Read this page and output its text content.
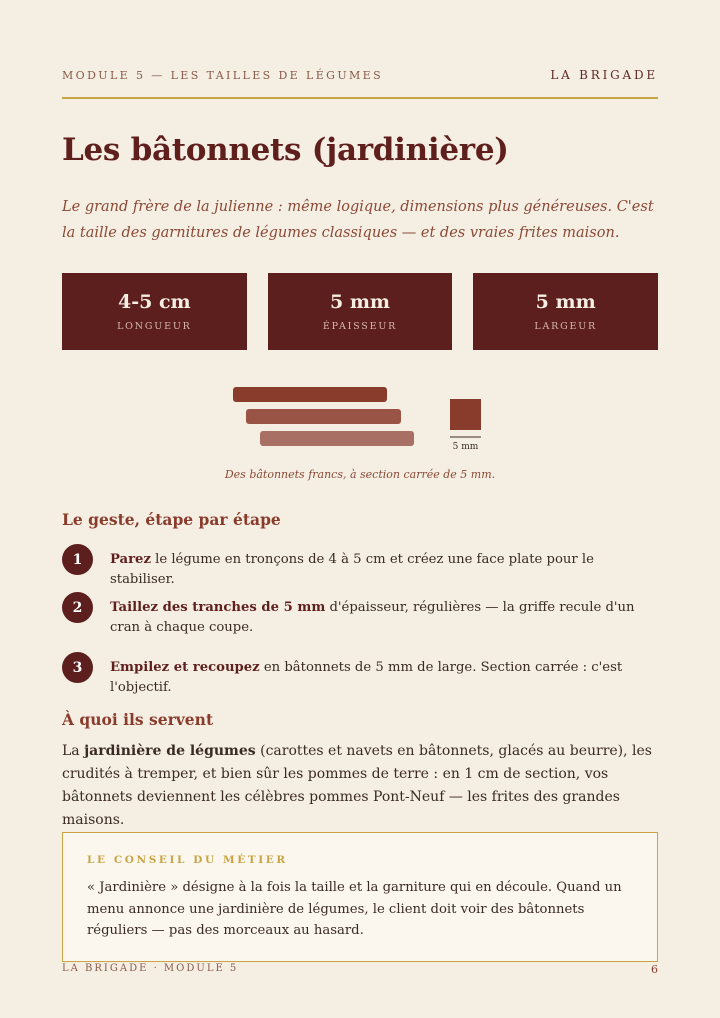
MODULE 5 — LES TAILLES DE LÉGUMES	LA BRIGADE
Les bâtonnets (jardinière)

Le grand frère de la julienne : même logique, dimensions plus généreuses. C'est la taille des garnitures de légumes classiques — et des vraies frites maison.

4-5 cm
LONGUEUR
5 mm
ÉPAISSEUR
5 mm
LARGEUR
5 mm
Des bâtonnets francs, à section carrée de 5 mm.
Le geste, étape par étape
1	Parez le légume en tronçons de 4 à 5 cm et créez une face plate pour le stabiliser.
2	Taillez des tranches de 5 mm d'épaisseur, régulières — la griffe recule d'un cran à chaque coupe.
3	Empilez et recoupez en bâtonnets de 5 mm de large. Section carrée : c'est l'objectif.
À quoi ils servent

La jardinière de légumes (carottes et navets en bâtonnets, glacés au beurre), les crudités à tremper, et bien sûr les pommes de terre : en 1 cm de section, vos bâtonnets deviennent les célèbres pommes Pont-Neuf — les frites des grandes maisons.

LE CONSEIL DU MÉTIER

« Jardinière » désigne à la fois la taille et la garniture qui en découle. Quand un menu annonce une jardinière de légumes, le client doit voir des bâtonnets réguliers — pas des morceaux au hasard.

LA BRIGADE · MODULE 5	6
